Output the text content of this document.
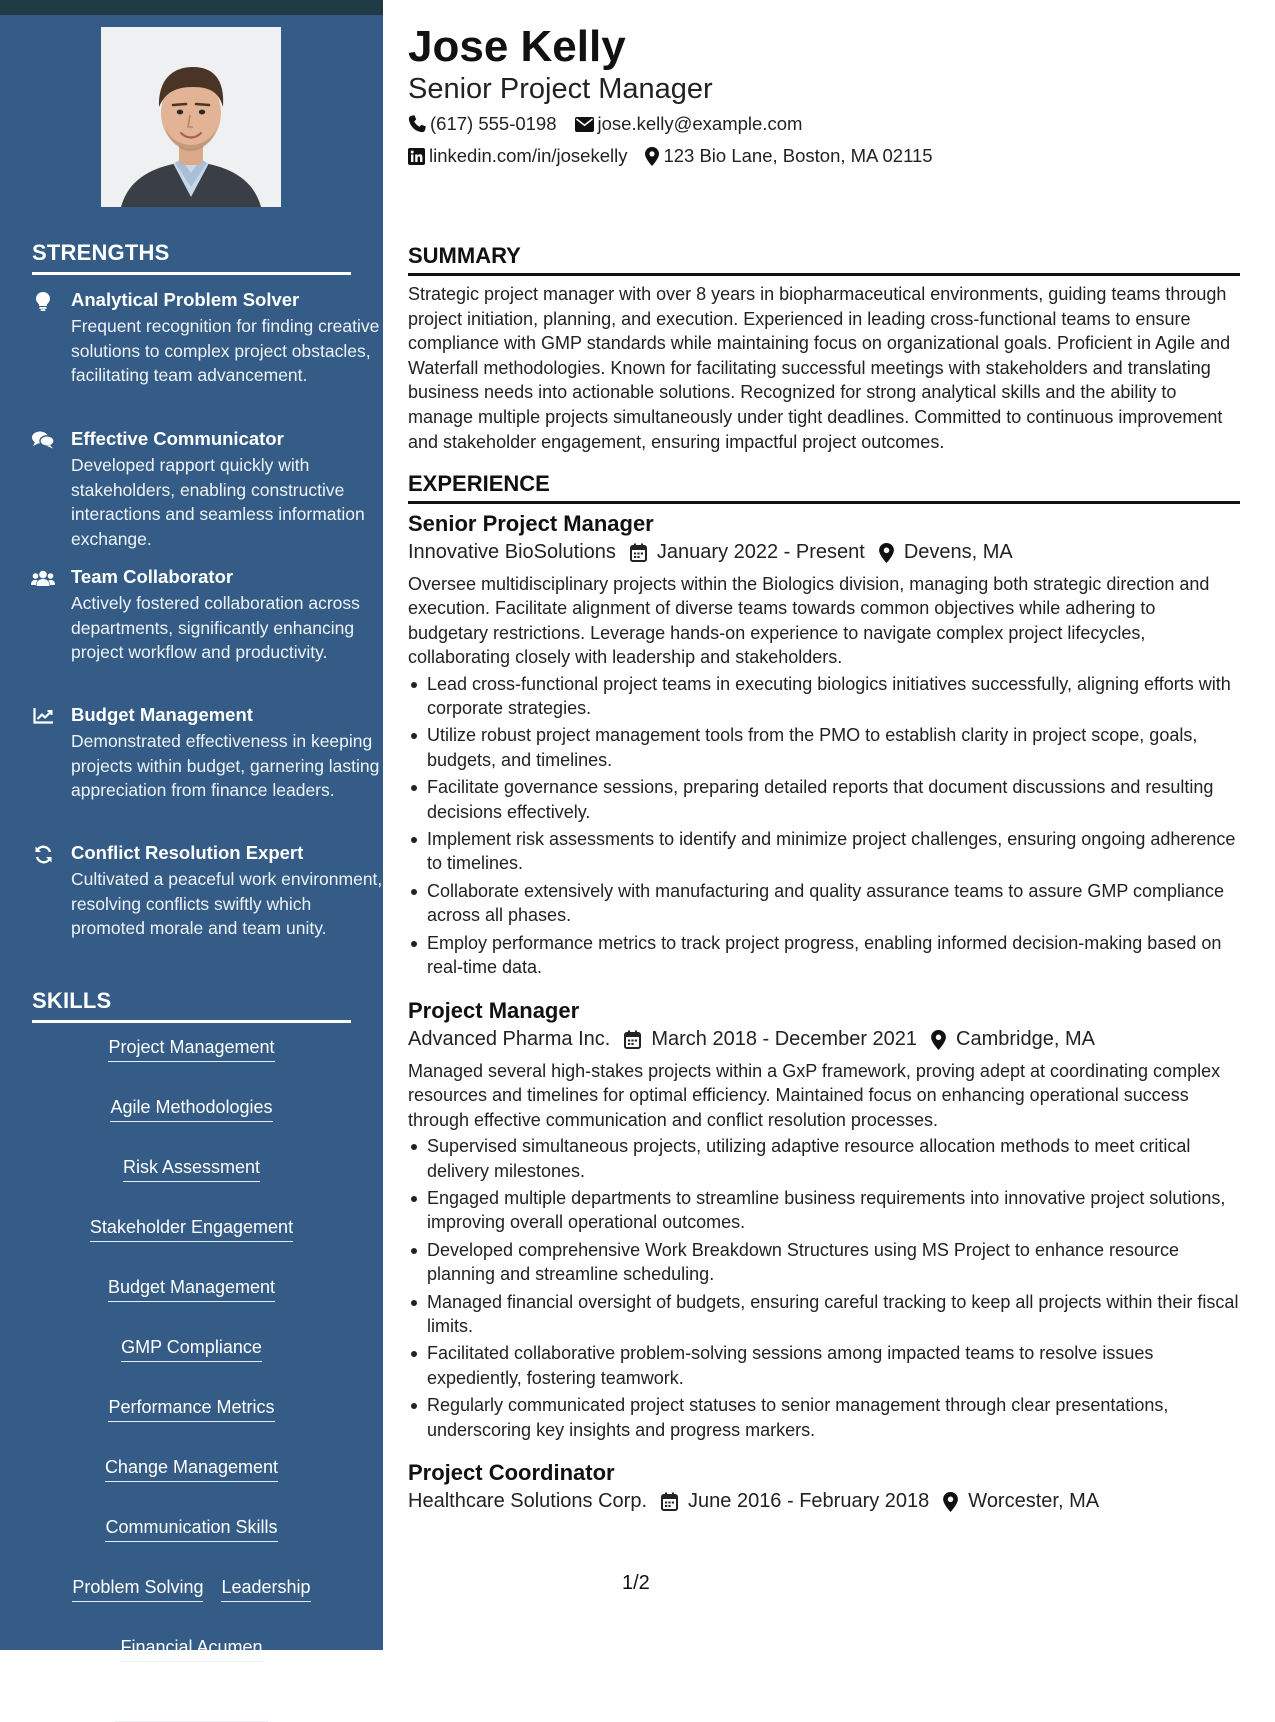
STRENGTHS
Analytical Problem Solver
Frequent recognition for finding creative solutions to complex project obstacles, facilitating team advancement.
Effective Communicator
Developed rapport quickly with stakeholders, enabling constructive interactions and seamless information exchange.
Team Collaborator
Actively fostered collaboration across departments, significantly enhancing project workflow and productivity.
Budget Management
Demonstrated effectiveness in keeping projects within budget, garnering lasting appreciation from finance leaders.
Conflict Resolution Expert
Cultivated a peaceful work environment, resolving conflicts swiftly which promoted morale and team unity.
SKILLS
Project Management
Agile Methodologies
Risk Assessment
Stakeholder Engagement
Budget Management
GMP Compliance
Performance Metrics
Change Management
Communication Skills
Problem Solving Leadership
Financial Acumen
Interpersonal Skills
Jose Kelly
Senior Project Manager
(617) 555-0198 jose.kelly@example.com
linkedin.com/in/josekelly 123 Bio Lane, Boston, MA 02115
SUMMARY
Strategic project manager with over 8 years in biopharmaceutical environments, guiding teams through project initiation, planning, and execution. Experienced in leading cross-functional teams to ensure compliance with GMP standards while maintaining focus on organizational goals. Proficient in Agile and Waterfall methodologies. Known for facilitating successful meetings with stakeholders and translating business needs into actionable solutions. Recognized for strong analytical skills and the ability to manage multiple projects simultaneously under tight deadlines. Committed to continuous improvement and stakeholder engagement, ensuring impactful project outcomes.
EXPERIENCE
Senior Project Manager
Innovative BioSolutions January 2022 - Present Devens, MA
Oversee multidisciplinary projects within the Biologics division, managing both strategic direction and execution. Facilitate alignment of diverse teams towards common objectives while adhering to budgetary restrictions. Leverage hands-on experience to navigate complex project lifecycles, collaborating closely with leadership and stakeholders.
Lead cross-functional project teams in executing biologics initiatives successfully, aligning efforts with corporate strategies.
Utilize robust project management tools from the PMO to establish clarity in project scope, goals, budgets, and timelines.
Facilitate governance sessions, preparing detailed reports that document discussions and resulting decisions effectively.
Implement risk assessments to identify and minimize project challenges, ensuring ongoing adherence to timelines.
Collaborate extensively with manufacturing and quality assurance teams to assure GMP compliance across all phases.
Employ performance metrics to track project progress, enabling informed decision-making based on real-time data.
Project Manager
Advanced Pharma Inc. March 2018 - December 2021 Cambridge, MA
Managed several high-stakes projects within a GxP framework, proving adept at coordinating complex resources and timelines for optimal efficiency. Maintained focus on enhancing operational success through effective communication and conflict resolution processes.
Supervised simultaneous projects, utilizing adaptive resource allocation methods to meet critical delivery milestones.
Engaged multiple departments to streamline business requirements into innovative project solutions, improving overall operational outcomes.
Developed comprehensive Work Breakdown Structures using MS Project to enhance resource planning and streamline scheduling.
Managed financial oversight of budgets, ensuring careful tracking to keep all projects within their fiscal limits.
Facilitated collaborative problem-solving sessions among impacted teams to resolve issues expediently, fostering teamwork.
Regularly communicated project statuses to senior management through clear presentations, underscoring key insights and progress markers.
Project Coordinator
Healthcare Solutions Corp. June 2016 - February 2018 Worcester, MA
1/2
